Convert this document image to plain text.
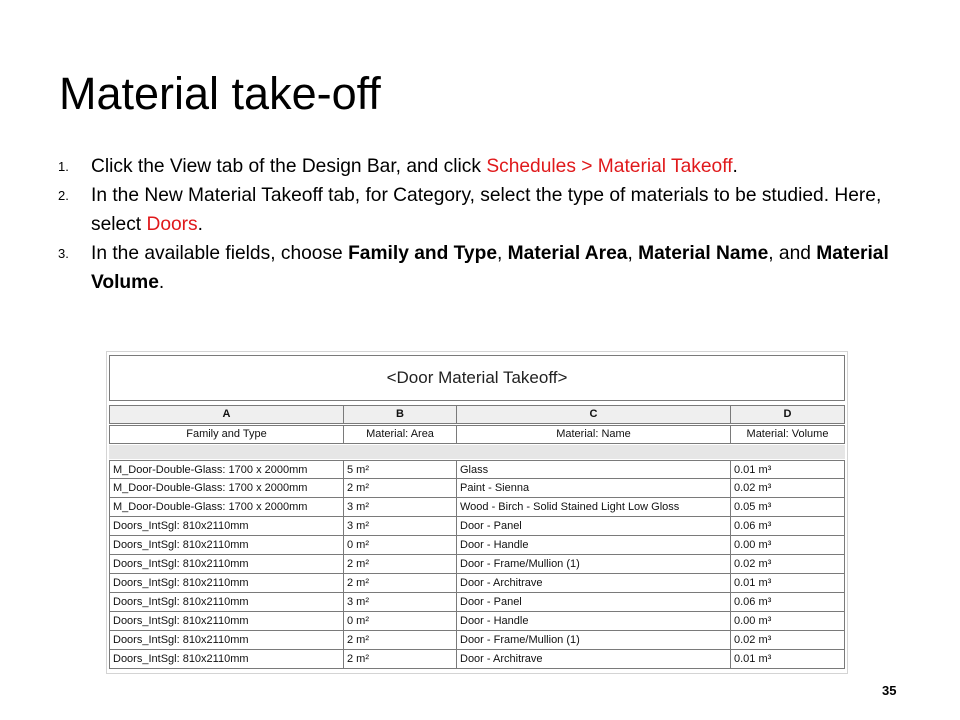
Material take-off
1. Click the View tab of the Design Bar, and click Schedules > Material Takeoff.
2. In the New Material Takeoff tab, for Category, select the type of materials to be studied. Here, select Doors.
3. In the available fields, choose Family and Type, Material Area, Material Name, and Material Volume.
<Door Material Takeoff>
A	B	C	D
Family and Type	Material: Area	Material: Name	Material: Volume
M_Door-Double-Glass: 1700 x 2000mm	5 m²	Glass	0.01 m³
M_Door-Double-Glass: 1700 x 2000mm	2 m²	Paint - Sienna	0.02 m³
M_Door-Double-Glass: 1700 x 2000mm	3 m²	Wood - Birch - Solid Stained Light Low Gloss	0.05 m³
Doors_IntSgl: 810x2110mm	3 m²	Door - Panel	0.06 m³
Doors_IntSgl: 810x2110mm	0 m²	Door - Handle	0.00 m³
Doors_IntSgl: 810x2110mm	2 m²	Door - Frame/Mullion (1)	0.02 m³
Doors_IntSgl: 810x2110mm	2 m²	Door - Architrave	0.01 m³
Doors_IntSgl: 810x2110mm	3 m²	Door - Panel	0.06 m³
Doors_IntSgl: 810x2110mm	0 m²	Door - Handle	0.00 m³
Doors_IntSgl: 810x2110mm	2 m²	Door - Frame/Mullion (1)	0.02 m³
Doors_IntSgl: 810x2110mm	2 m²	Door - Architrave	0.01 m³
35
